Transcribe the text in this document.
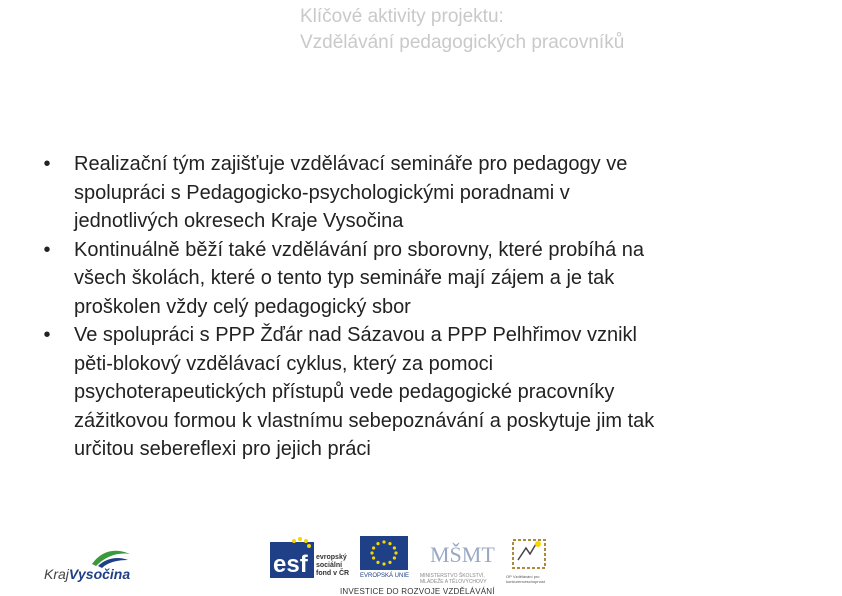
Klíčové aktivity projektu:
Vzdělávání pedagogických pracovníků
• Realizační tým zajišťuje vzdělávací semináře pro pedagogy ve
spolupráci s Pedagogicko-psychologickými poradnami v
jednotlivých okresech Kraje Vysočina
• Kontinuálně běží také vzdělávání pro sborovny, které probíhá na
všech školách, které o tento typ semináře mají zájem a je tak
proškolen vždy celý pedagogický sbor
• Ve spolupráci s PPP Žďár nad Sázavou a PPP Pelhřimov vznikl
pěti-blokový vzdělávací cyklus, který za pomoci
psychoterapeutických přístupů vede pedagogické pracovníky
zážitkovou formou k vlastnímu sebepoznávání a poskytuje jim tak
určitou sebereflexi pro jejich práci
KrajVysočina	esf evropský sociální fond v ČR	EVROPSKÁ UNIE
MŠMT
MINISTERSTVO ŠKOLSTVÍ, MLÁDEŽE A TĚLOVÝCHOVY
OP Vzdělávání pro konkurenceschopnost
INVESTICE DO ROZVOJE VZDĚLÁVÁNÍ
